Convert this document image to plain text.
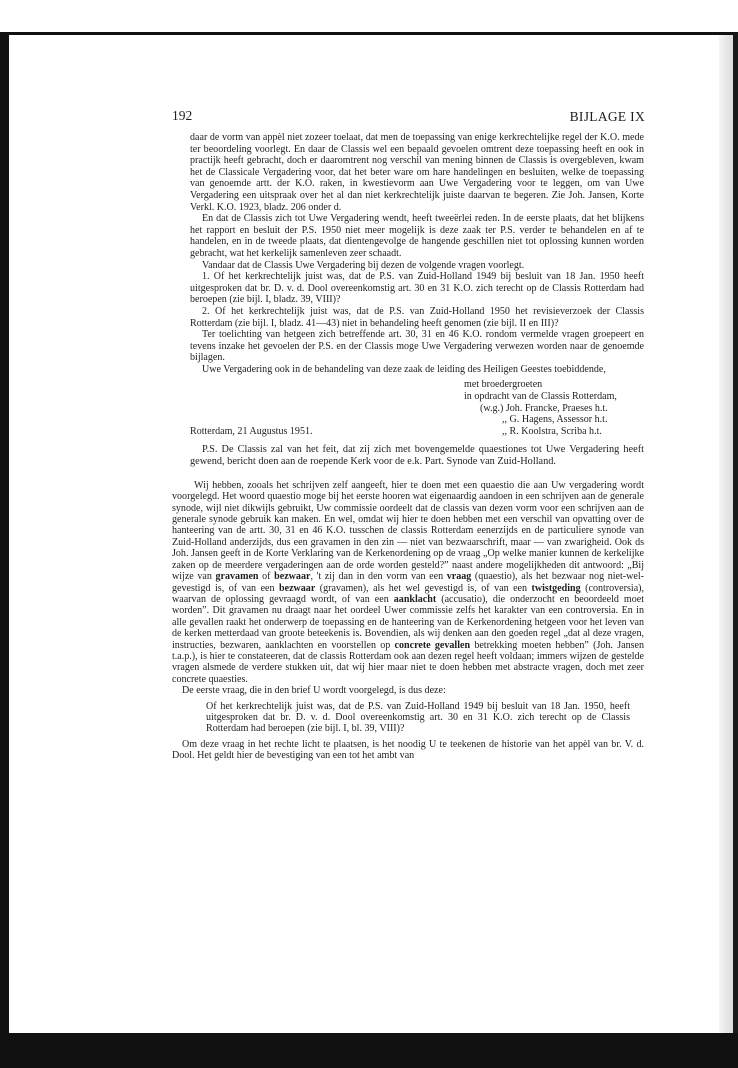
192	BIJLAGE IX

daar de vorm van appèl niet zozeer toelaat, dat men de toepassing van enige kerkrechtelijke regel der K.O. mede ter beoordeling voorlegt. En daar de Classis wel een bepaald gevoelen omtrent deze toepassing heeft en ook in practijk heeft gebracht, doch er daaromtrent nog verschil van mening binnen de Classis is overgebleven, kwam het de Classicale Vergadering voor, dat het beter ware om hare handelingen en besluiten, welke de toepassing van genoemde artt. der K.O. raken, in kwestievorm aan Uwe Vergadering voor te leggen, om van Uwe Vergadering een uitspraak over het al dan niet kerkrechtelijk juiste daarvan te begeren. Zie Joh. Jansen, Korte Verkl. K.O. 1923, bladz. 206 onder d.

En dat de Classis zich tot Uwe Vergadering wendt, heeft tweeërlei reden. In de eerste plaats, dat het blijkens het rapport en besluit der P.S. 1950 niet meer mogelijk is deze zaak ter P.S. verder te behandelen en af te handelen, en in de tweede plaats, dat dientengevolge de hangende geschillen niet tot oplossing kunnen worden gebracht, wat het kerkelijk samenleven zeer schaadt.

Vandaar dat de Classis Uwe Vergadering bij dezen de volgende vragen voorlegt.

1. Of het kerkrechtelijk juist was, dat de P.S. van Zuid-Holland 1949 bij besluit van 18 Jan. 1950 heeft uitgesproken dat br. D. v. d. Dool overeenkomstig art. 30 en 31 K.O. zich terecht op de Classis Rotterdam had beroepen (zie bijl. I, bladz. 39, VIII)?

2. Of het kerkrechtelijk juist was, dat de P.S. van Zuid-Holland 1950 het revisieverzoek der Classis Rotterdam (zie bijl. I, bladz. 41—43) niet in behandeling heeft genomen (zie bijl. II en III)?

Ter toelichting van hetgeen zich betreffende art. 30, 31 en 46 K.O. rondom vermelde vragen groepeert en tevens inzake het gevoelen der P.S. en der Classis moge Uwe Vergadering verwezen worden naar de genoemde bijlagen.

Uwe Vergadering ook in de behandeling van deze zaak de leiding des Heiligen Geestes toebiddende,

met broedergroeten
in opdracht van de Classis Rotterdam,
(w.g.) Joh. Francke, Praeses h.t.
,, G. Hagens, Assessor h.t.
,, R. Koolstra, Scriba h.t.
Rotterdam, 21 Augustus 1951.

P.S. De Classis zal van het feit, dat zij zich met bovengemelde quaestiones tot Uwe Vergadering heeft gewend, bericht doen aan de roepende Kerk voor de e.k. Part. Synode van Zuid-Holland.

Wij hebben, zooals het schrijven zelf aangeeft, hier te doen met een quaestio die aan Uw vergadering wordt voorgelegd. Het woord quaestio moge bij het eerste hooren wat eigenaardig aandoen in een schrijven aan de generale synode, wijl niet dikwijls gebruikt, Uw commissie oordeelt dat de classis van dezen vorm voor een schrijven aan de generale synode gebruik kan maken. En wel, omdat wij hier te doen hebben met een verschil van opvatting over de hanteering van de artt. 30, 31 en 46 K.O. tusschen de classis Rotterdam eenerzijds en de particuliere synode van Zuid-Holland anderzijds, dus een gravamen in den zin — niet van bezwaarschrift, maar — van zwarigheid. Ook ds Joh. Jansen geeft in de Korte Verklaring van de Kerkenordening op de vraag „Op welke manier kunnen de kerkelijke zaken op de meerdere vergaderingen aan de orde worden gesteld?” naast andere mogelijkheden dit antwoord: „Bij wijze van gravamen of bezwaar, 't zij dan in den vorm van een vraag (quaestio), als het bezwaar nog niet-wel-gevestigd is, of van een bezwaar (gravamen), als het wel gevestigd is, of van een twistgeding (controversia), waarvan de oplossing gevraagd wordt, of van een aanklacht (accusatio), die onderzocht en beoordeeld moet worden”. Dit gravamen nu draagt naar het oordeel Uwer commissie zelfs het karakter van een controversia. En in alle gevallen raakt het onderwerp de toepassing en de hanteering van de Kerkenordening hetgeen voor het leven van de kerken metterdaad van groote beteekenis is. Bovendien, als wij denken aan den goeden regel „dat al deze vragen, instructies, bezwaren, aanklachten en voorstellen op concrete gevallen betrekking moeten hebben” (Joh. Jansen t.a.p.), is hier te constateeren, dat de classis Rotterdam ook aan dezen regel heeft voldaan; immers wijzen de gestelde vragen alsmede de verdere stukken uit, dat wij hier maar niet te doen hebben met abstracte vragen, doch met zeer concrete quaesties.
De eerste vraag, die in den brief U wordt voorgelegd, is dus deze:
Of het kerkrechtelijk juist was, dat de P.S. van Zuid-Holland 1949 bij besluit van 18 Jan. 1950, heeft uitgesproken dat br. D. v. d. Dool overeenkomstig art. 30 en 31 K.O. zich terecht op de Classis Rotterdam had beroepen (zie bijl. I, bl. 39, VIII)?
Om deze vraag in het rechte licht te plaatsen, is het noodig U te teekenen de historie van het appèl van br. V. d. Dool. Het geldt hier de bevestiging van een tot het ambt van
